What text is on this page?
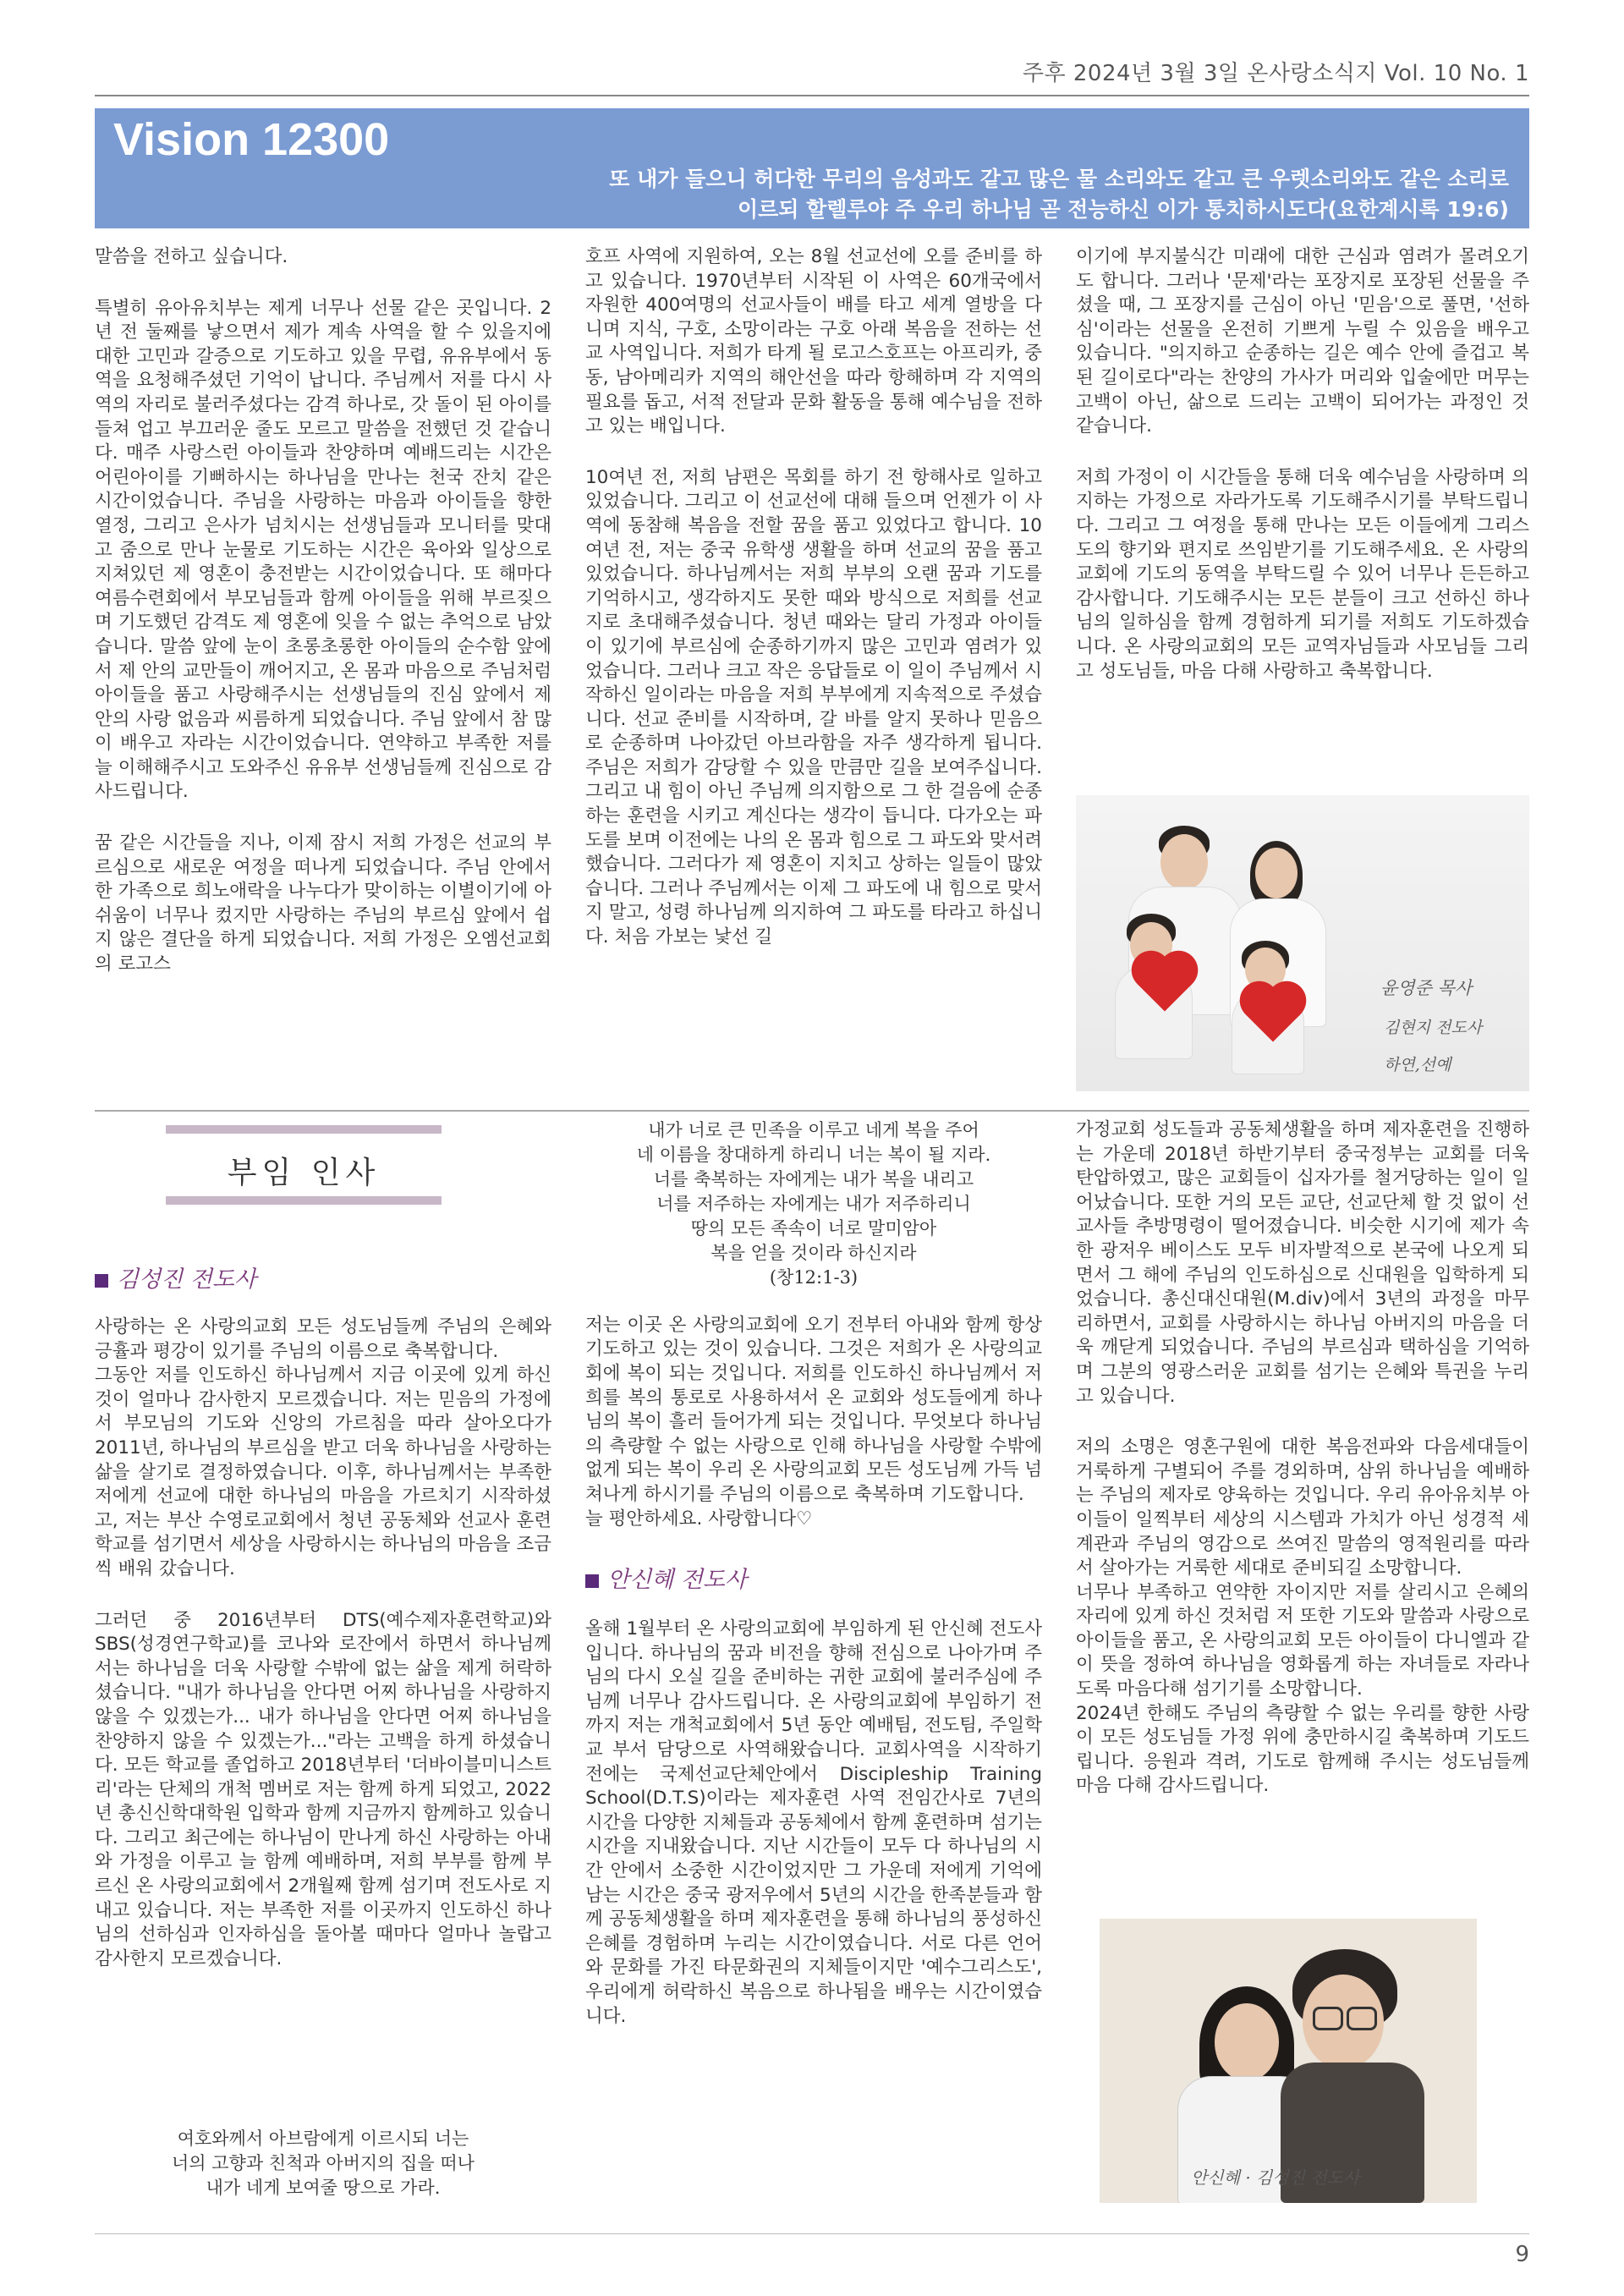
주후 2024년 3월 3일 온사랑소식지 Vol. 10 No. 1
Vision 12300
또 내가 들으니 허다한 무리의 음성과도 같고 많은 물 소리와도 같고 큰 우렛소리와도 같은 소리로
이르되 할렐루야 주 우리 하나님 곧 전능하신 이가 통치하시도다(요한계시록 19:6)

말씀을 전하고 싶습니다.

특별히 유아유치부는 제게 너무나 선물 같은 곳입니다. 2년 전 둘째를 낳으면서 제가 계속 사역을 할 수 있을지에 대한 고민과 갈증으로 기도하고 있을 무렵, 유유부에서 동역을 요청해주셨던 기억이 납니다. 주님께서 저를 다시 사역의 자리로 불러주셨다는 감격 하나로, 갓 돌이 된 아이를 들쳐 업고 부끄러운 줄도 모르고 말씀을 전했던 것 같습니다. 매주 사랑스런 아이들과 찬양하며 예배드리는 시간은 어린아이를 기뻐하시는 하나님을 만나는 천국 잔치 같은 시간이었습니다. 주님을 사랑하는 마음과 아이들을 향한 열정, 그리고 은사가 넘치시는 선생님들과 모니터를 맞대고 줌으로 만나 눈물로 기도하는 시간은 육아와 일상으로 지쳐있던 제 영혼이 충전받는 시간이었습니다. 또 해마다 여름수련회에서 부모님들과 함께 아이들을 위해 부르짖으며 기도했던 감격도 제 영혼에 잊을 수 없는 추억으로 남았습니다. 말씀 앞에 눈이 초롱초롱한 아이들의 순수함 앞에서 제 안의 교만들이 깨어지고, 온 몸과 마음으로 주님처럼 아이들을 품고 사랑해주시는 선생님들의 진심 앞에서 제 안의 사랑 없음과 씨름하게 되었습니다. 주님 앞에서 참 많이 배우고 자라는 시간이었습니다. 연약하고 부족한 저를 늘 이해해주시고 도와주신 유유부 선생님들께 진심으로 감사드립니다.

꿈 같은 시간들을 지나, 이제 잠시 저희 가정은 선교의 부르심으로 새로운 여정을 떠나게 되었습니다. 주님 안에서 한 가족으로 희노애락을 나누다가 맞이하는 이별이기에 아쉬움이 너무나 컸지만 사랑하는 주님의 부르심 앞에서 쉽지 않은 결단을 하게 되었습니다. 저희 가정은 오엠선교회의 로고스

호프 사역에 지원하여, 오는 8월 선교선에 오를 준비를 하고 있습니다. 1970년부터 시작된 이 사역은 60개국에서 자원한 400여명의 선교사들이 배를 타고 세계 열방을 다니며 지식, 구호, 소망이라는 구호 아래 복음을 전하는 선교 사역입니다. 저희가 타게 될 로고스호프는 아프리카, 중동, 남아메리카 지역의 해안선을 따라 항해하며 각 지역의 필요를 돕고, 서적 전달과 문화 활동을 통해 예수님을 전하고 있는 배입니다.

10여년 전, 저희 남편은 목회를 하기 전 항해사로 일하고 있었습니다. 그리고 이 선교선에 대해 들으며 언젠가 이 사역에 동참해 복음을 전할 꿈을 품고 있었다고 합니다. 10여년 전, 저는 중국 유학생 생활을 하며 선교의 꿈을 품고 있었습니다. 하나님께서는 저희 부부의 오랜 꿈과 기도를 기억하시고, 생각하지도 못한 때와 방식으로 저희를 선교지로 초대해주셨습니다. 청년 때와는 달리 가정과 아이들이 있기에 부르심에 순종하기까지 많은 고민과 염려가 있었습니다. 그러나 크고 작은 응답들로 이 일이 주님께서 시작하신 일이라는 마음을 저희 부부에게 지속적으로 주셨습니다. 선교 준비를 시작하며, 갈 바를 알지 못하나 믿음으로 순종하며 나아갔던 아브라함을 자주 생각하게 됩니다. 주님은 저희가 감당할 수 있을 만큼만 길을 보여주십니다. 그리고 내 힘이 아닌 주님께 의지함으로 그 한 걸음에 순종하는 훈련을 시키고 계신다는 생각이 듭니다. 다가오는 파도를 보며 이전에는 나의 온 몸과 힘으로 그 파도와 맞서려 했습니다. 그러다가 제 영혼이 지치고 상하는 일들이 많았습니다. 그러나 주님께서는 이제 그 파도에 내 힘으로 맞서지 말고, 성령 하나님께 의지하여 그 파도를 타라고 하십니다. 처음 가보는 낯선 길

이기에 부지불식간 미래에 대한 근심과 염려가 몰려오기도 합니다. 그러나 '문제'라는 포장지로 포장된 선물을 주셨을 때, 그 포장지를 근심이 아닌 '믿음'으로 풀면, '선하심'이라는 선물을 온전히 기쁘게 누릴 수 있음을 배우고 있습니다. "의지하고 순종하는 길은 예수 안에 즐겁고 복된 길이로다"라는 찬양의 가사가 머리와 입술에만 머무는 고백이 아닌, 삶으로 드리는 고백이 되어가는 과정인 것 같습니다.

저희 가정이 이 시간들을 통해 더욱 예수님을 사랑하며 의지하는 가정으로 자라가도록 기도해주시기를 부탁드립니다. 그리고 그 여정을 통해 만나는 모든 이들에게 그리스도의 향기와 편지로 쓰임받기를 기도해주세요. 온 사랑의교회에 기도의 동역을 부탁드릴 수 있어 너무나 든든하고 감사합니다. 기도해주시는 모든 분들이 크고 선하신 하나님의 일하심을 함께 경험하게 되기를 저희도 기도하겠습니다. 온 사랑의교회의 모든 교역자님들과 사모님들 그리고 성도님들, 마음 다해 사랑하고 축복합니다.

윤영준 목사
김현지 전도사
하연,선예
부임 인사
김성진 전도사

사랑하는 온 사랑의교회 모든 성도님들께 주님의 은혜와 긍휼과 평강이 있기를 주님의 이름으로 축복합니다.

그동안 저를 인도하신 하나님께서 지금 이곳에 있게 하신 것이 얼마나 감사한지 모르겠습니다. 저는 믿음의 가정에서 부모님의 기도와 신앙의 가르침을 따라 살아오다가 2011년, 하나님의 부르심을 받고 더욱 하나님을 사랑하는 삶을 살기로 결정하였습니다. 이후, 하나님께서는 부족한 저에게 선교에 대한 하나님의 마음을 가르치기 시작하셨고, 저는 부산 수영로교회에서 청년 공동체와 선교사 훈련학교를 섬기면서 세상을 사랑하시는 하나님의 마음을 조금씩 배워 갔습니다.

그러던 중 2016년부터 DTS(예수제자훈련학교)와 SBS(성경연구학교)를 코나와 로잔에서 하면서 하나님께서는 하나님을 더욱 사랑할 수밖에 없는 삶을 제게 허락하셨습니다. "내가 하나님을 안다면 어찌 하나님을 사랑하지 않을 수 있겠는가... 내가 하나님을 안다면 어찌 하나님을 찬양하지 않을 수 있겠는가..."라는 고백을 하게 하셨습니다. 모든 학교를 졸업하고 2018년부터 '더바이블미니스트리'라는 단체의 개척 멤버로 저는 함께 하게 되었고, 2022년 총신신학대학원 입학과 함께 지금까지 함께하고 있습니다. 그리고 최근에는 하나님이 만나게 하신 사랑하는 아내와 가정을 이루고 늘 함께 예배하며, 저희 부부를 함께 부르신 온 사랑의교회에서 2개월째 함께 섬기며 전도사로 지내고 있습니다. 저는 부족한 저를 이곳까지 인도하신 하나님의 선하심과 인자하심을 돌아볼 때마다 얼마나 놀랍고 감사한지 모르겠습니다.

여호와께서 아브람에게 이르시되 너는
너의 고향과 친척과 아버지의 집을 떠나
내가 네게 보여줄 땅으로 가라.
내가 너로 큰 민족을 이루고 네게 복을 주어
네 이름을 창대하게 하리니 너는 복이 될 지라.
너를 축복하는 자에게는 내가 복을 내리고
너를 저주하는 자에게는 내가 저주하리니
땅의 모든 족속이 너로 말미암아
복을 얻을 것이라 하신지라
(창12:1-3)

저는 이곳 온 사랑의교회에 오기 전부터 아내와 함께 항상 기도하고 있는 것이 있습니다. 그것은 저희가 온 사랑의교회에 복이 되는 것입니다. 저희를 인도하신 하나님께서 저희를 복의 통로로 사용하셔서 온 교회와 성도들에게 하나님의 복이 흘러 들어가게 되는 것입니다. 무엇보다 하나님의 측량할 수 없는 사랑으로 인해 하나님을 사랑할 수밖에 없게 되는 복이 우리 온 사랑의교회 모든 성도님께 가득 넘쳐나게 하시기를 주님의 이름으로 축복하며 기도합니다.

늘 평안하세요. 사랑합니다♡

안신혜 전도사

올해 1월부터 온 사랑의교회에 부임하게 된 안신혜 전도사입니다. 하나님의 꿈과 비전을 향해 전심으로 나아가며 주님의 다시 오실 길을 준비하는 귀한 교회에 불러주심에 주님께 너무나 감사드립니다. 온 사랑의교회에 부임하기 전까지 저는 개척교회에서 5년 동안 예배팀, 전도팀, 주일학교 부서 담당으로 사역해왔습니다. 교회사역을 시작하기 전에는 국제선교단체안에서 Discipleship Training School(D.T.S)이라는 제자훈련 사역 전임간사로 7년의 시간을 다양한 지체들과 공동체에서 함께 훈련하며 섬기는 시간을 지내왔습니다. 지난 시간들이 모두 다 하나님의 시간 안에서 소중한 시간이었지만 그 가운데 저에게 기억에 남는 시간은 중국 광저우에서 5년의 시간을 한족분들과 함께 공동체생활을 하며 제자훈련을 통해 하나님의 풍성하신 은혜를 경험하며 누리는 시간이였습니다. 서로 다른 언어와 문화를 가진 타문화권의 지체들이지만 '예수그리스도', 우리에게 허락하신 복음으로 하나됨을 배우는 시간이였습니다.

가정교회 성도들과 공동체생활을 하며 제자훈련을 진행하는 가운데 2018년 하반기부터 중국정부는 교회를 더욱 탄압하였고, 많은 교회들이 십자가를 철거당하는 일이 일어났습니다. 또한 거의 모든 교단, 선교단체 할 것 없이 선교사들 추방명령이 떨어졌습니다. 비슷한 시기에 제가 속한 광저우 베이스도 모두 비자발적으로 본국에 나오게 되면서 그 해에 주님의 인도하심으로 신대원을 입학하게 되었습니다. 총신대신대원(M.div)에서 3년의 과정을 마무리하면서, 교회를 사랑하시는 하나님 아버지의 마음을 더욱 깨닫게 되었습니다. 주님의 부르심과 택하심을 기억하며 그분의 영광스러운 교회를 섬기는 은혜와 특권을 누리고 있습니다.

저의 소명은 영혼구원에 대한 복음전파와 다음세대들이 거룩하게 구별되어 주를 경외하며, 삼위 하나님을 예배하는 주님의 제자로 양육하는 것입니다. 우리 유아유치부 아이들이 일찍부터 세상의 시스템과 가치가 아닌 성경적 세계관과 주님의 영감으로 쓰여진 말씀의 영적원리를 따라서 살아가는 거룩한 세대로 준비되길 소망합니다.

너무나 부족하고 연약한 자이지만 저를 살리시고 은혜의 자리에 있게 하신 것처럼 저 또한 기도와 말씀과 사랑으로 아이들을 품고, 온 사랑의교회 모든 아이들이 다니엘과 같이 뜻을 정하여 하나님을 영화롭게 하는 자녀들로 자라나도록 마음다해 섬기기를 소망합니다.

2024년 한해도 주님의 측량할 수 없는 우리를 향한 사랑이 모든 성도님들 가정 위에 충만하시길 축복하며 기도드립니다. 응원과 격려, 기도로 함께해 주시는 성도님들께 마음 다해 감사드립니다.

안신혜 · 김성진 전도사
9
